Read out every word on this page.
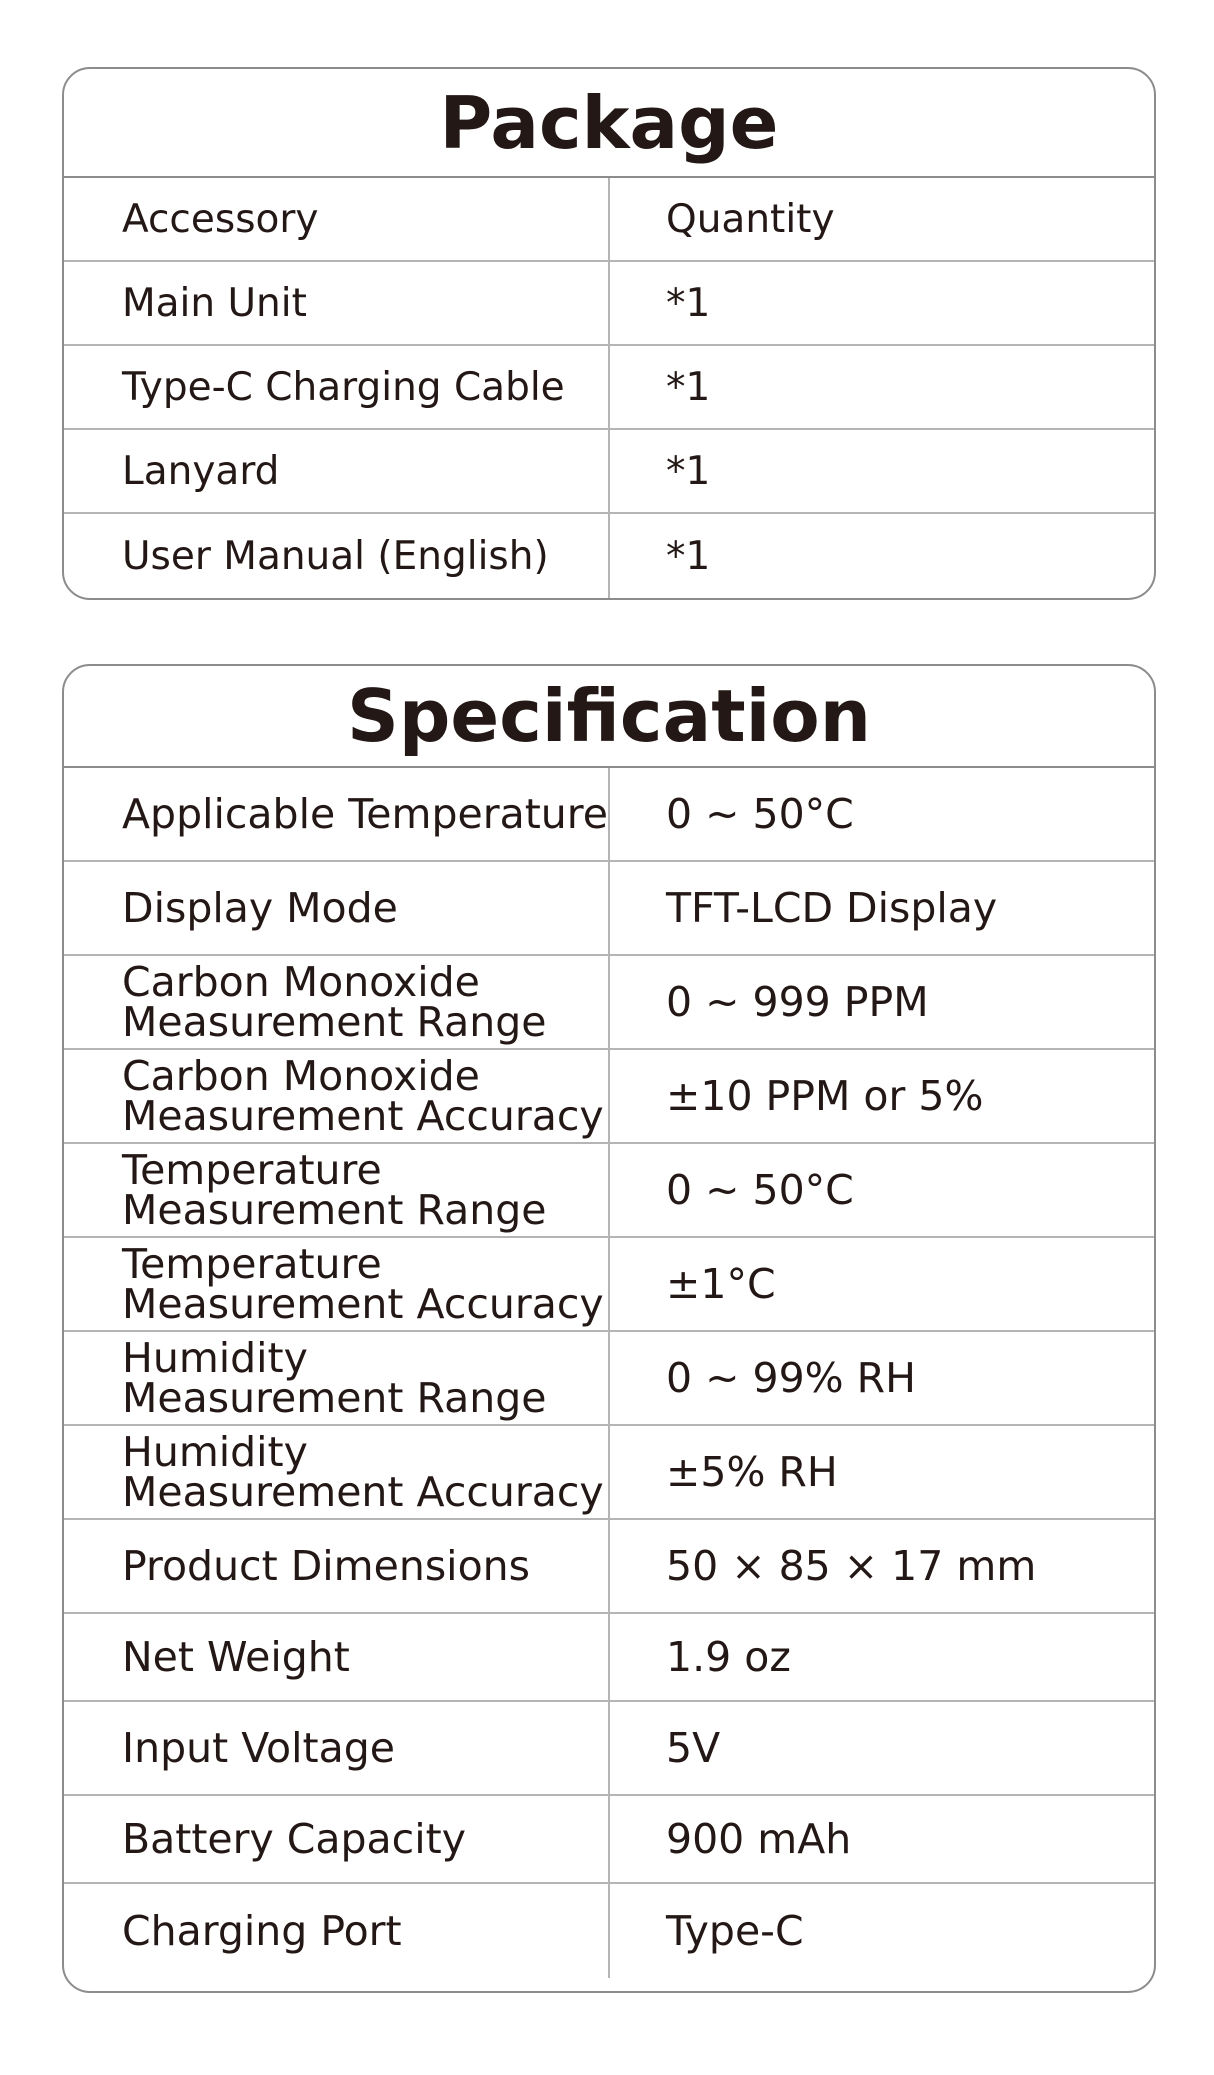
Package
Accessory	Quantity
Main Unit	*1
Type-C Charging Cable	*1
Lanyard	*1
User Manual (English)	*1
Specification
Applicable Temperature	0 ~ 50°C
Display Mode	TFT-LCD Display
Carbon Monoxide
Measurement Range	0 ~ 999 PPM
Carbon Monoxide
Measurement Accuracy	±10 PPM or 5%
Temperature
Measurement Range	0 ~ 50°C
Temperature
Measurement Accuracy	±1°C
Humidity
Measurement Range	0 ~ 99% RH
Humidity
Measurement Accuracy	±5% RH
Product Dimensions	50 × 85 × 17 mm
Net Weight	1.9 oz
Input Voltage	5V
Battery Capacity	900 mAh
Charging Port	Type-C
